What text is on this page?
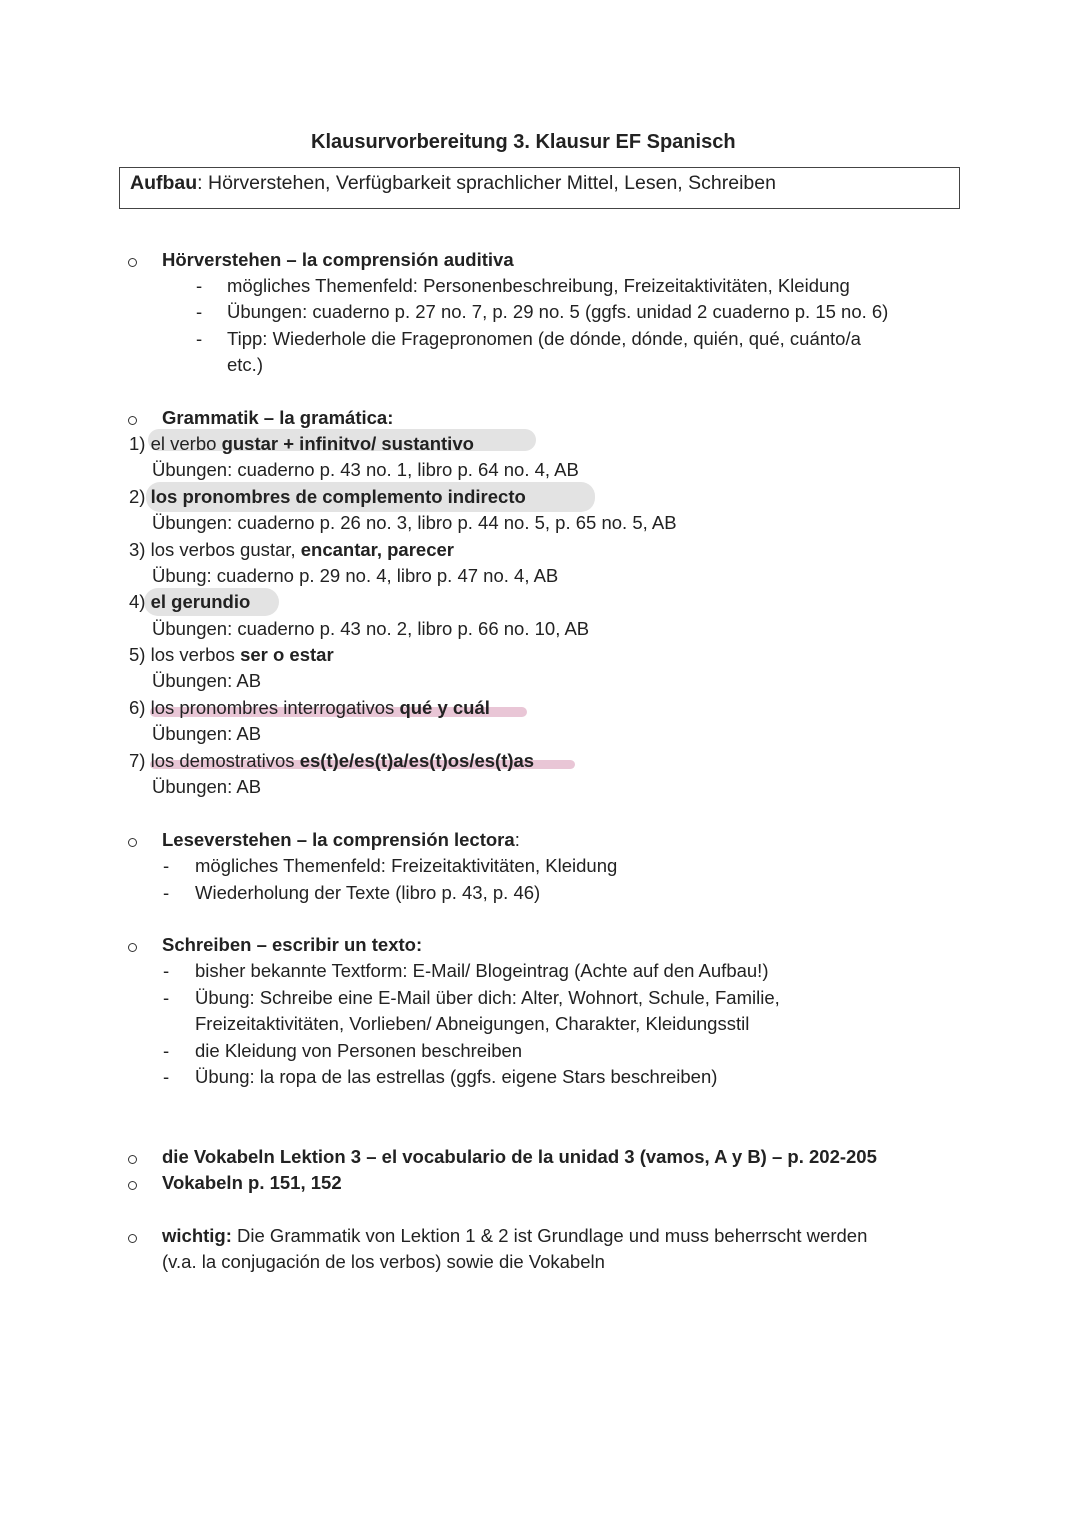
Klausurvorbereitung 3. Klausur EF Spanisch
Aufbau: Hörverstehen, Verfügbarkeit sprachlicher Mittel, Lesen, Schreiben
Hörverstehen – la comprensión auditiva
- mögliches Themenfeld: Personenbeschreibung, Freizeitaktivitäten, Kleidung
- Übungen: cuaderno p. 27 no. 7, p. 29 no. 5 (ggfs. unidad 2 cuaderno p. 15 no. 6)
- Tipp: Wiederhole die Fragepronomen (de dónde, dónde, quién, qué, cuánto/a
etc.)
Grammatik – la gramática:
1) el verbo gustar + infinitvo/ sustantivo
Übungen: cuaderno p. 43 no. 1, libro p. 64 no. 4, AB
2) los pronombres de complemento indirecto
Übungen: cuaderno p. 26 no. 3, libro p. 44 no. 5, p. 65 no. 5, AB
3) los verbos gustar, encantar, parecer
Übung: cuaderno p. 29 no. 4, libro p. 47 no. 4, AB
4) el gerundio
Übungen: cuaderno p. 43 no. 2, libro p. 66 no. 10, AB
5) los verbos ser o estar
Übungen: AB
6) los pronombres interrogativos qué y cuál
Übungen: AB
7) los demostrativos es(t)e/es(t)a/es(t)os/es(t)as
Übungen: AB
Leseverstehen – la comprensión lectora:
- mögliches Themenfeld: Freizeitaktivitäten, Kleidung
- Wiederholung der Texte (libro p. 43, p. 46)
Schreiben – escribir un texto:
- bisher bekannte Textform: E-Mail/ Blogeintrag (Achte auf den Aufbau!)
- Übung: Schreibe eine E-Mail über dich: Alter, Wohnort, Schule, Familie,
Freizeitaktivitäten, Vorlieben/ Abneigungen, Charakter, Kleidungsstil
- die Kleidung von Personen beschreiben
- Übung: la ropa de las estrellas (ggfs. eigene Stars beschreiben)
die Vokabeln Lektion 3 – el vocabulario de la unidad 3 (vamos, A y B) – p. 202-205
Vokabeln p. 151, 152
wichtig: Die Grammatik von Lektion 1 & 2 ist Grundlage und muss beherrscht werden
(v.a. la conjugación de los verbos) sowie die Vokabeln
